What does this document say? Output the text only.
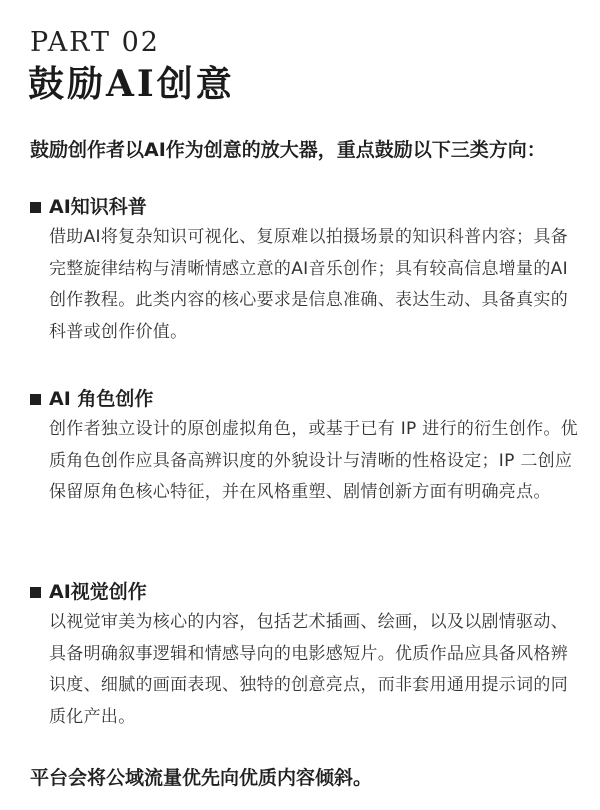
PART 02
鼓励AI创意
鼓励创作者以AI作为创意的放大器，重点鼓励以下三类方向：
AI知识科普
借助AI将复杂知识可视化、复原难以拍摄场景的知识科普内容；具备完整旋律结构与清晰情感立意的AI音乐创作；具有较高信息增量的AI创作教程。此类内容的核心要求是信息准确、表达生动、具备真实的科普或创作价值。
AI 角色创作
创作者独立设计的原创虚拟角色，或基于已有 IP 进行的衍生创作。优质角色创作应具备高辨识度的外貌设计与清晰的性格设定；IP 二创应保留原角色核心特征，并在风格重塑、剧情创新方面有明确亮点。
AI视觉创作
以视觉审美为核心的内容，包括艺术插画、绘画，以及以剧情驱动、具备明确叙事逻辑和情感导向的电影感短片。优质作品应具备风格辨识度、细腻的画面表现、独特的创意亮点，而非套用通用提示词的同质化产出。
平台会将公域流量优先向优质内容倾斜。
